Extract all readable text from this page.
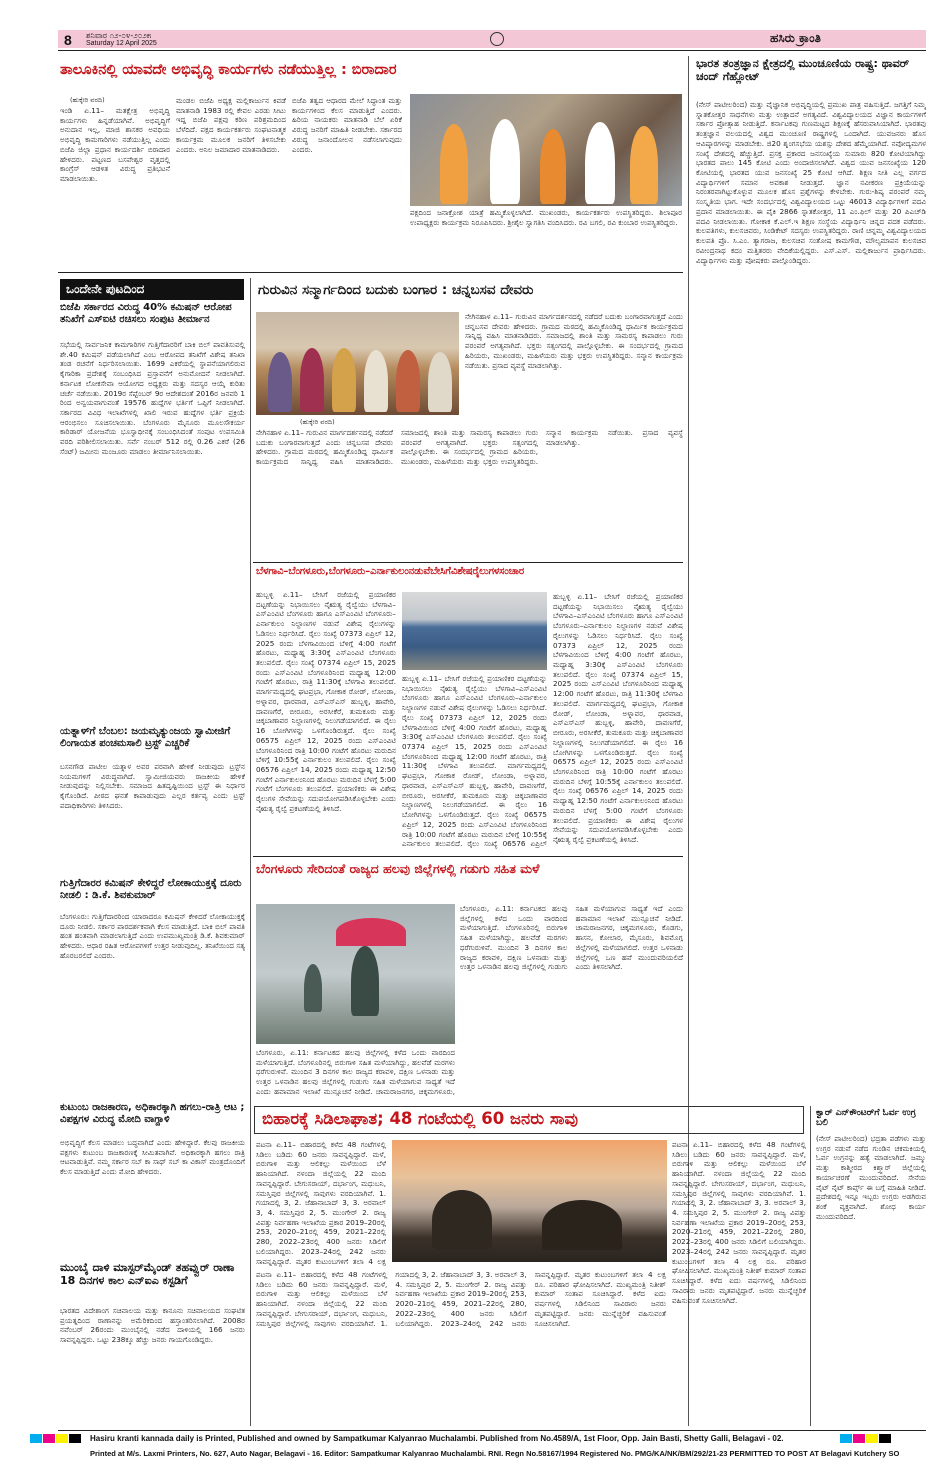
8 ಶನಿವಾರ ೧೨-೦೪-೨೦೨೫
Saturday 12 April 2025	ಹಸಿರು ಕ್ರಾಂತಿ
ತಾಲೂಕಿನಲ್ಲಿ ಯಾವದೇ ಅಭಿವೃದ್ಧಿ ಕಾರ್ಯಗಳು ನಡೆಯುತ್ತಿಲ್ಲ : ಬಿರಾದಾರ
(ಹುಕ್ಕೇರಿ ವರದಿ)
ಇಂಡಿ ಏ.11– ಮತಕ್ಷೇತ್ರ ಅಭಿವೃದ್ಧಿ ಕಾರ್ಯಗಳು ಹಿನ್ನಡೆಯಾಗಿವೆ. ಅಭಿವೃದ್ಧಿಗೆ ಅನುದಾನ ಇಲ್ಲ, ಮಾಜಿ ಶಾಸಕರ ಅವಧಿಯ ಅಭಿವೃದ್ಧಿ ಕಾಮಗಾರಿಗಳು ನಡೆಯುತ್ತಿಲ್ಲ ಎಂದು ಬಿಜೆಪಿ ಜಿಲ್ಲಾ ಪ್ರಧಾನ ಕಾರ್ಯದರ್ಶಿ ಬಿರಾದಾರ ಹೇಳಿದರು. ಪಟ್ಟಣದ ಬಸವೇಶ್ವರ ವೃತ್ತದಲ್ಲಿ ಕಾಂಗ್ರೆಸ್ ಆಡಳಿತ ವಿರುದ್ಧ ಪ್ರತಿಭಟನೆ ಮಾಡಲಾಯಿತು.
ಮಂಡಲ ಬಿಜೆಪಿ ಅಧ್ಯಕ್ಷ ಮಲ್ಲಿಕಾರ್ಜುನ ಕಿವಡೆ ಮಾತನಾಡಿ 1983 ರಲ್ಲಿ ಕೇವಲ ಎರಡು ಸೀಟು ಇದ್ದ ಬಿಜೆಪಿ ಪಕ್ಷವು ಕಠಿಣ ಪರಿಶ್ರಮದಿಂದ ಬೆಳೆದಿದೆ. ಪಕ್ಷದ ಕಾರ್ಯಕರ್ತರು ಸಂಘಟನಾತ್ಮಕ ಕಾರ್ಯಕ್ರಮ ಮೂಲಕ ಜನರಿಗೆ ತಿಳಿಸಬೇಕು ಎಂದರು. ಅನಿಲ ಜಮಾದಾರ ಮಾತನಾಡಿದರು.
ಬಿಜೆಪಿ ತತ್ವದ ಆಧಾರದ ಮೇಲೆ ಸಿದ್ಧಾಂತ ಮತ್ತು ಕಾರ್ಯಗಳಿಂದ ಕೆಲಸ ಮಾಡುತ್ತಿದೆ ಎಂದರು. ಹಿರಿಯ ನಾಯಕರು ಮಾತನಾಡಿ ಬೆಲೆ ಏರಿಕೆ ವಿರುದ್ಧ ಜನರಿಗೆ ಮಾಹಿತಿ ನೀಡಬೇಕು. ಸರ್ಕಾರದ ವಿರುದ್ಧ ಜನಾಂದೋಲನ ನಡೆಸಲಾಗುವುದು ಎಂದರು.
ಪಕ್ಷದಿಂದ ಜನಾಕ್ರೋಶ ಯಾತ್ರೆ ಹಮ್ಮಿಕೊಳ್ಳಲಾಗಿದೆ. ಮುಖಂಡರು, ಕಾರ್ಯಕರ್ತರು ಉಪಸ್ಥಿತರಿದ್ದರು. ಶಿಲಾಪೂರ ಉಪಾಧ್ಯಕ್ಷರು ಕಾರ್ಯಕ್ರಮ ನಿರೂಪಿಸಿದರು. ಶ್ರೀಶೈಲ ಸ್ವಾಗತಿಸಿ ವಂದಿಸಿದರು. ರವಿ ಬಗಲಿ, ರವಿ ಕುಂಬಾರ ಉಪಸ್ಥಿತರಿದ್ದರು.
ಭಾರತ ತಂತ್ರಜ್ಞಾನ ಕ್ಷೇತ್ರದಲ್ಲಿ ಮುಂಚೂಣಿಯ ರಾಷ್ಟ್ರ: ಥಾವರ್ ಚಂದ್ ಗೆಹ್ಲೋಟ್
(ನೇಸ್ ಪಾಟೀಲರಿಂದ) ಮತ್ತು ವೈಜ್ಞಾನಿಕ ಅಭಿವೃದ್ಧಿಯಲ್ಲಿ ಪ್ರಮುಖ ಪಾತ್ರ ವಹಿಸುತ್ತಿದೆ. ಜಗತ್ತಿಗೆ ನಿಮ್ಮ ಸ್ನಾತಕೋತ್ತರ ಸಾಧನೆಗಳು ಮತ್ತು ಉತ್ಪಾದನೆ ಅಗತ್ಯವಿದೆ. ವಿಶ್ವವಿದ್ಯಾಲಯದ ವಿಜ್ಞಾನ ಕಾರ್ಯಗಳಿಗೆ ಸರ್ಕಾರ ಪ್ರೋತ್ಸಾಹ ನೀಡುತ್ತಿದೆ. ಕರ್ನಾಟಕವು ಗುಣಮಟ್ಟದ ಶಿಕ್ಷಣಕ್ಕೆ ಹೆಸರುವಾಸಿಯಾಗಿದೆ. ಭಾರತವು ತಂತ್ರಜ್ಞಾನ ವಲಯದಲ್ಲಿ ವಿಶ್ವದ ಮುಂಚೂಣಿ ರಾಷ್ಟ್ರಗಳಲ್ಲಿ ಒಂದಾಗಿದೆ. ಯುವಜನರು ಹೊಸ ಆವಿಷ್ಕಾರಗಳನ್ನು ಮಾಡಬೇಕು. ಜಿ20 ಶೃಂಗಸಭೆಯ ಯಶಸ್ಸು ದೇಶದ ಹೆಮ್ಮೆಯಾಗಿದೆ. ನವೋದ್ಯಮಗಳ ಸಂಖ್ಯೆ ದೇಶದಲ್ಲಿ ಹೆಚ್ಚುತ್ತಿದೆ. ಪ್ರಸಕ್ತ ಪ್ರಕಾರದ ಜನಸಂಖ್ಯೆಯ ಸುಮಾರು 820 ಕೋಟಿಯಾಗಿದ್ದು ಭಾರತದ ಪಾಲು 145 ಕೋಟಿ ಎಂದು ಅಂದಾಜಿಸಲಾಗಿದೆ. ವಿಶ್ವದ ಯುವ ಜನಸಂಖ್ಯೆಯ 120 ಕೋಟಿಯಲ್ಲಿ ಭಾರತದ ಯುವ ಜನಸಂಖ್ಯೆ 25 ಕೋಟಿ ಆಗಿದೆ. ಶಿಕ್ಷಣ ನೀತಿ ಎಲ್ಲ ವರ್ಗದ ವಿದ್ಯಾರ್ಥಿಗಳಿಗೆ ಸಮಾನ ಅವಕಾಶ ನೀಡುತ್ತದೆ. ಜ್ಞಾನ ನವೀಕರಣ ಪ್ರಕ್ರಿಯೆಯನ್ನು ನಿರಂತರವಾಗಿಟ್ಟುಕೊಳ್ಳುವ ಮೂಲಕ ಹೊಸ ಪ್ರಶ್ನೆಗಳನ್ನು ಕೇಳಬೇಕು. ಗುರು-ಶಿಷ್ಯ ಪರಂಪರೆ ನಮ್ಮ ಸಂಸ್ಕೃತಿಯ ಭಾಗ. ಇದೇ ಸಂದರ್ಭದಲ್ಲಿ ವಿಶ್ವವಿದ್ಯಾಲಯದ ಒಟ್ಟು 46013 ವಿದ್ಯಾರ್ಥಿಗಳಿಗೆ ಪದವಿ ಪ್ರದಾನ ಮಾಡಲಾಯಿತು. ಈ ಪೈಕಿ 2866 ಸ್ನಾತಕೋತ್ತರ, 11 ಎಂ.ಫಿಲ್ ಮತ್ತು 20 ಪಿಎಚ್‌ಡಿ ಪದವಿ ನೀಡಲಾಯಿತು. ಗೋಕಾಕ ಕೆ.ಎಲ್.ಇ ಶಿಕ್ಷಣ ಸಂಸ್ಥೆಯ ವಿದ್ಯಾರ್ಥಿನಿ ಚಿನ್ನದ ಪದಕ ಪಡೆದರು. ಕುಲಪತಿಗಳು, ಕುಲಸಚಿವರು, ಸಿಂಡಿಕೇಟ್ ಸದಸ್ಯರು ಉಪಸ್ಥಿತರಿದ್ದರು. ರಾಣಿ ಚನ್ನಮ್ಮ ವಿಶ್ವವಿದ್ಯಾಲಯದ ಕುಲಪತಿ ಪ್ರೊ. ಸಿ.ಎಂ. ತ್ಯಾಗರಾಜ, ಕುಲಸಚಿವ ಸಂತೋಷ ಕಾಮಗೌಡ, ಮೌಲ್ಯಮಾಪನ ಕುಲಸಚಿವ ರವೀಂದ್ರನಾಥ ಕದಂ ಮತ್ತಿತರರು ವೇದಿಕೆಯಲ್ಲಿದ್ದರು. ಎಸ್.ಎಸ್. ಮಲ್ಲಿಕಾರ್ಜುನ ಪ್ರಾರ್ಥಿಸಿದರು. ವಿದ್ಯಾರ್ಥಿಗಳು ಮತ್ತು ಪೋಷಕರು ಪಾಲ್ಗೊಂಡಿದ್ದರು.
ಒಂದೇನೇ ಪುಟದಿಂದ
ಬಿಜೆಪಿ ಸರ್ಕಾರದ ವಿರುದ್ಧ 40% ಕಮಿಷನ್ ಆರೋಪ ತನಿಖೆಗೆ ಎಸ್‌ಐಟಿ ರಚಿಸಲು ಸಂಪುಟ ತೀರ್ಮಾನ
ಸಭೆಯಲ್ಲಿ ಸಾರ್ವಜನಿಕ ಕಾಮಗಾರಿಗಳ ಗುತ್ತಿಗೆದಾರರಿಗೆ ಬಾಕಿ ಬಿಲ್ ಪಾವತಿಸುವಲ್ಲಿ ಶೇ.40 ಕಮಿಷನ್ ಪಡೆಯಲಾಗಿದೆ ಎಂಬ ಆರೋಪದ ತನಿಖೆಗೆ ವಿಶೇಷ ತನಿಖಾ ತಂಡ ರಚನೆಗೆ ನಿರ್ಧರಿಸಲಾಯಿತು. 1699 ಎಕರೆಯಲ್ಲಿ ಸ್ಥಾಪನೆಯಾಗಲಿರುವ ಕೈಗಾರಿಕಾ ಪ್ರದೇಶಕ್ಕೆ ಸಂಬಂಧಿಸಿದ ಪ್ರಸ್ತಾವನೆಗೆ ಅನುಮೋದನೆ ನೀಡಲಾಗಿದೆ. ಕರ್ನಾಟಕ ಲೋಕಸೇವಾ ಆಯೋಗದ ಅಧ್ಯಕ್ಷರು ಮತ್ತು ಸದಸ್ಯರ ಆಯ್ಕೆ ಕುರಿತು ಚರ್ಚೆ ನಡೆಯಿತು. 2019ರ ಸೆಪ್ಟೆಂಬರ್ 9ರ ಆದೇಶದಂತೆ 2016ರ ಜನವರಿ 1 ರಿಂದ ಅನ್ವಯವಾಗುವಂತೆ 19576 ಹುದ್ದೆಗಳ ಭರ್ತಿಗೆ ಒಪ್ಪಿಗೆ ನೀಡಲಾಗಿದೆ. ಸರ್ಕಾರದ ವಿವಿಧ ಇಲಾಖೆಗಳಲ್ಲಿ ಖಾಲಿ ಇರುವ ಹುದ್ದೆಗಳ ಭರ್ತಿ ಪ್ರಕ್ರಿಯೆ ಆರಂಭಿಸಲು ಸೂಚಿಸಲಾಯಿತು. ಬೆಂಗಳೂರು ಮೈಸೂರು ಮೂಲಸೌಕರ್ಯ ಕಾರಿಡಾರ್ ಯೋಜನೆಯ ಭೂಸ್ವಾಧೀನಕ್ಕೆ ಸಂಬಂಧಿಸಿದಂತೆ ಸಂಪುಟ ಉಪಸಮಿತಿ ವರದಿ ಪರಿಶೀಲಿಸಲಾಯಿತು. ಸರ್ವೆ ನಂಬರ್ 512 ರಲ್ಲಿ 0.26 ಎಕರೆ (26 ಸೆಂಟ್) ಜಮೀನು ಮಂಜೂರು ಮಾಡಲು ತೀರ್ಮಾನಿಸಲಾಯಿತು.
ಯತ್ನಾಳ್‌ಗೆ ಬೆಂಬಲ: ಜಯಮೃತ್ಯುಂಜಯ ಸ್ವಾಮೀಜಿಗೆ ಲಿಂಗಾಯತ ಪಂಚಮಸಾಲಿ ಟ್ರಸ್ಟ್ ಎಚ್ಚರಿಕೆ
ಬಸನಗೌಡ ಪಾಟೀಲ ಯತ್ನಾಳ ಅವರ ಪರವಾಗಿ ಹೇಳಿಕೆ ನೀಡುವುದು ಟ್ರಸ್ಟ್‌ನ ನಿಯಮಗಳಿಗೆ ವಿರುದ್ಧವಾಗಿದೆ. ಸ್ವಾಮೀಜಿಯವರು ರಾಜಕೀಯ ಹೇಳಿಕೆ ನೀಡುವುದನ್ನು ನಿಲ್ಲಿಸಬೇಕು. ಸಮಾಜದ ಹಿತದೃಷ್ಟಿಯಿಂದ ಟ್ರಸ್ಟ್ ಈ ನಿರ್ಧಾರ ಕೈಗೊಂಡಿದೆ. ಪೀಠದ ಘನತೆ ಕಾಪಾಡುವುದು ಎಲ್ಲರ ಕರ್ತವ್ಯ ಎಂದು ಟ್ರಸ್ಟ್ ಪದಾಧಿಕಾರಿಗಳು ತಿಳಿಸಿದರು.
ಗುತ್ತಿಗೆದಾರರ ಕಮಿಷನ್ ಕೇಳಿದ್ದರೆ ಲೋಕಾಯುಕ್ತಕ್ಕೆ ದೂರು ನೀಡಲಿ : ಡಿ.ಕೆ. ಶಿವಕುಮಾರ್
ಬೆಂಗಳೂರು: ಗುತ್ತಿಗೆದಾರರಿಂದ ಯಾರಾದರೂ ಕಮಿಷನ್ ಕೇಳಿದರೆ ಲೋಕಾಯುಕ್ತಕ್ಕೆ ದೂರು ನೀಡಲಿ. ಸರ್ಕಾರ ಪಾರದರ್ಶಕವಾಗಿ ಕೆಲಸ ಮಾಡುತ್ತಿದೆ. ಬಾಕಿ ಬಿಲ್ ಪಾವತಿ ಹಂತ ಹಂತವಾಗಿ ಮಾಡಲಾಗುತ್ತಿದೆ ಎಂದು ಉಪಮುಖ್ಯಮಂತ್ರಿ ಡಿ.ಕೆ. ಶಿವಕುಮಾರ್ ಹೇಳಿದರು. ಆಧಾರ ರಹಿತ ಆರೋಪಗಳಿಗೆ ಉತ್ತರ ನೀಡುವುದಿಲ್ಲ. ತನಿಖೆಯಿಂದ ಸತ್ಯ ಹೊರಬರಲಿದೆ ಎಂದರು.
ಕುಟುಂಬ ರಾಜಕಾರಣ, ಅಧಿಕಾರಕ್ಕಾಗಿ ಹಗಲು-ರಾತ್ರಿ ಆಟ ; ವಿಪಕ್ಷಗಳ ವಿರುದ್ಧ ಮೋದಿ ವಾಗ್ದಾಳಿ
ಅಭಿವೃದ್ಧಿಗೆ ಕೆಲಸ ಮಾಡಲು ಬದ್ಧವಾಗಿದೆ ಎಂದು ಹೇಳಿದ್ದಾರೆ. ಕೆಲವು ರಾಜಕೀಯ ಪಕ್ಷಗಳು ಕುಟುಂಬ ರಾಜಕಾರಣಕ್ಕೆ ಸೀಮಿತವಾಗಿವೆ. ಅಧಿಕಾರಕ್ಕಾಗಿ ಹಗಲು ರಾತ್ರಿ ಆಟವಾಡುತ್ತಿವೆ. ನಮ್ಮ ಸರ್ಕಾರ ಸಬ್ ಕಾ ಸಾಥ್ ಸಬ್ ಕಾ ವಿಕಾಸ್ ಮಂತ್ರದೊಂದಿಗೆ ಕೆಲಸ ಮಾಡುತ್ತಿದೆ ಎಂದು ಮೋದಿ ಹೇಳಿದರು.
ಮುಂಬೈ ದಾಳಿ ಮಾಸ್ಟರ್‌ಮೈಂಡ್ ತಹವ್ವುರ್ ರಾಣಾ 18 ದಿನಗಳ ಕಾಲ ಎನ್‌ಐಎ ಕಸ್ಟಡಿಗೆ
ಭಾರತದ ವಿದೇಶಾಂಗ ಸಚಿವಾಲಯ ಮತ್ತು ಕಾನೂನು ಸಚಿವಾಲಯದ ಸಂಘಟಿತ ಪ್ರಯತ್ನದಿಂದ ರಾಣಾನನ್ನು ಅಮೆರಿಕದಿಂದ ಹಸ್ತಾಂತರಿಸಲಾಗಿದೆ. 2008ರ ನವೆಂಬರ್ 26ರಂದು ಮುಂಬೈನಲ್ಲಿ ನಡೆದ ದಾಳಿಯಲ್ಲಿ 166 ಜನರು ಸಾವನ್ನಪ್ಪಿದ್ದರು. ಒಟ್ಟು 238ಕ್ಕೂ ಹೆಚ್ಚು ಜನರು ಗಾಯಗೊಂಡಿದ್ದರು.
ಗುರುವಿನ ಸನ್ಮಾರ್ಗದಿಂದ ಬದುಕು ಬಂಗಾರ : ಚನ್ನಬಸವ ದೇವರು
(ಹುಕ್ಕೇರಿ ವರದಿ)
ನೇಗಿನಹಾಳ ಏ.11– ಗುರುವಿನ ಮಾರ್ಗದರ್ಶನದಲ್ಲಿ ನಡೆದರೆ ಬದುಕು ಬಂಗಾರವಾಗುತ್ತದೆ ಎಂದು ಚನ್ನಬಸವ ದೇವರು ಹೇಳಿದರು. ಗ್ರಾಮದ ಮಠದಲ್ಲಿ ಹಮ್ಮಿಕೊಂಡಿದ್ದ ಧಾರ್ಮಿಕ ಕಾರ್ಯಕ್ರಮದ ಸಾನ್ನಿಧ್ಯ ವಹಿಸಿ ಮಾತನಾಡಿದರು. ಸಮಾಜದಲ್ಲಿ ಶಾಂತಿ ಮತ್ತು ಸಾಮರಸ್ಯ ಕಾಪಾಡಲು ಗುರು ಪರಂಪರೆ ಅಗತ್ಯವಾಗಿದೆ. ಭಕ್ತರು ಸತ್ಸಂಗದಲ್ಲಿ ಪಾಲ್ಗೊಳ್ಳಬೇಕು. ಈ ಸಂದರ್ಭದಲ್ಲಿ ಗ್ರಾಮದ ಹಿರಿಯರು, ಮುಖಂಡರು, ಮಹಿಳೆಯರು ಮತ್ತು ಭಕ್ತರು ಉಪಸ್ಥಿತರಿದ್ದರು. ಸನ್ಮಾನ ಕಾರ್ಯಕ್ರಮ ನಡೆಯಿತು. ಪ್ರಸಾದ ವ್ಯವಸ್ಥೆ ಮಾಡಲಾಗಿತ್ತು.
ನೇಗಿನಹಾಳ ಏ.11– ಗುರುವಿನ ಮಾರ್ಗದರ್ಶನದಲ್ಲಿ ನಡೆದರೆ ಬದುಕು ಬಂಗಾರವಾಗುತ್ತದೆ ಎಂದು ಚನ್ನಬಸವ ದೇವರು ಹೇಳಿದರು. ಗ್ರಾಮದ ಮಠದಲ್ಲಿ ಹಮ್ಮಿಕೊಂಡಿದ್ದ ಧಾರ್ಮಿಕ ಕಾರ್ಯಕ್ರಮದ ಸಾನ್ನಿಧ್ಯ ವಹಿಸಿ ಮಾತನಾಡಿದರು. ಸಮಾಜದಲ್ಲಿ ಶಾಂತಿ ಮತ್ತು ಸಾಮರಸ್ಯ ಕಾಪಾಡಲು ಗುರು ಪರಂಪರೆ ಅಗತ್ಯವಾಗಿದೆ. ಭಕ್ತರು ಸತ್ಸಂಗದಲ್ಲಿ ಪಾಲ್ಗೊಳ್ಳಬೇಕು. ಈ ಸಂದರ್ಭದಲ್ಲಿ ಗ್ರಾಮದ ಹಿರಿಯರು, ಮುಖಂಡರು, ಮಹಿಳೆಯರು ಮತ್ತು ಭಕ್ತರು ಉಪಸ್ಥಿತರಿದ್ದರು. ಸನ್ಮಾನ ಕಾರ್ಯಕ್ರಮ ನಡೆಯಿತು. ಪ್ರಸಾದ ವ್ಯವಸ್ಥೆ ಮಾಡಲಾಗಿತ್ತು.
ಬೆಳಗಾವಿ–ಬೆಂಗಳೂರು,ಬೆಂಗಳೂರು–ಎರ್ನಾಕುಲಂನಡುವೆಬೇಸಿಗೆವಿಶೇಷರೈಲುಗಳಸಂಚಾರ
ಹುಬ್ಬಳ್ಳಿ ಏ.11– ಬೇಸಿಗೆ ರಜೆಯಲ್ಲಿ ಪ್ರಯಾಣಿಕರ ದಟ್ಟಣೆಯನ್ನು ನಿಭಾಯಿಸಲು ನೈಋತ್ಯ ರೈಲ್ವೆಯು ಬೆಳಗಾವಿ–ಎಸ್ಎಂವಿಟಿ ಬೆಂಗಳೂರು ಹಾಗೂ ಎಸ್ಎಂವಿಟಿ ಬೆಂಗಳೂರು–ಎರ್ನಾಕುಲಂ ನಿಲ್ದಾಣಗಳ ನಡುವೆ ವಿಶೇಷ ರೈಲುಗಳನ್ನು ಓಡಿಸಲು ನಿರ್ಧರಿಸಿದೆ. ರೈಲು ಸಂಖ್ಯೆ 07373 ಏಪ್ರಿಲ್ 12, 2025 ರಂದು ಬೆಳಗಾವಿಯಿಂದ ಬೆಳಿಗ್ಗೆ 4:00 ಗಂಟೆಗೆ ಹೊರಟು, ಮಧ್ಯಾಹ್ನ 3:30ಕ್ಕೆ ಎಸ್ಎಂವಿಟಿ ಬೆಂಗಳೂರು ತಲುಪಲಿದೆ. ರೈಲು ಸಂಖ್ಯೆ 07374 ಏಪ್ರಿಲ್ 15, 2025 ರಂದು ಎಸ್ಎಂವಿಟಿ ಬೆಂಗಳೂರಿನಿಂದ ಮಧ್ಯಾಹ್ನ 12:00 ಗಂಟೆಗೆ ಹೊರಟು, ರಾತ್ರಿ 11:30ಕ್ಕೆ ಬೆಳಗಾವಿ ತಲುಪಲಿದೆ. ಮಾರ್ಗಮಧ್ಯದಲ್ಲಿ ಘಟಪ್ರಭಾ, ಗೋಕಾಕ ರೋಡ್, ಲೋಂಡಾ, ಅಳ್ನಾವರ, ಧಾರವಾಡ, ಎಸ್ಎಸ್ಎಸ್ ಹುಬ್ಬಳ್ಳಿ, ಹಾವೇರಿ, ದಾವಣಗೆರೆ, ಬೀರೂರು, ಅರಸೀಕೆರೆ, ತುಮಕೂರು ಮತ್ತು ಚಿಕ್ಕಬಾಣಾವರ ನಿಲ್ದಾಣಗಳಲ್ಲಿ ನಿಲುಗಡೆಯಾಗಲಿದೆ. ಈ ರೈಲು 16 ಬೋಗಿಗಳನ್ನು ಒಳಗೊಂಡಿರುತ್ತದೆ. ರೈಲು ಸಂಖ್ಯೆ 06575 ಏಪ್ರಿಲ್ 12, 2025 ರಂದು ಎಸ್ಎಂವಿಟಿ ಬೆಂಗಳೂರಿನಿಂದ ರಾತ್ರಿ 10:00 ಗಂಟೆಗೆ ಹೊರಟು ಮರುದಿನ ಬೆಳಿಗ್ಗೆ 10:55ಕ್ಕೆ ಎರ್ನಾಕುಲಂ ತಲುಪಲಿದೆ. ರೈಲು ಸಂಖ್ಯೆ 06576 ಏಪ್ರಿಲ್ 14, 2025 ರಂದು ಮಧ್ಯಾಹ್ನ 12:50 ಗಂಟೆಗೆ ಎರ್ನಾಕುಲಂನಿಂದ ಹೊರಟು ಮರುದಿನ ಬೆಳಗ್ಗೆ 5:00 ಗಂಟೆಗೆ ಬೆಂಗಳೂರು ತಲುಪಲಿದೆ. ಪ್ರಯಾಣಿಕರು ಈ ವಿಶೇಷ ರೈಲುಗಳ ಸೇವೆಯನ್ನು ಸದುಪಯೋಗಪಡಿಸಿಕೊಳ್ಳಬೇಕು ಎಂದು ನೈಋತ್ಯ ರೈಲ್ವೆ ಪ್ರಕಟಣೆಯಲ್ಲಿ ತಿಳಿಸಿದೆ.
ಹುಬ್ಬಳ್ಳಿ ಏ.11– ಬೇಸಿಗೆ ರಜೆಯಲ್ಲಿ ಪ್ರಯಾಣಿಕರ ದಟ್ಟಣೆಯನ್ನು ನಿಭಾಯಿಸಲು ನೈಋತ್ಯ ರೈಲ್ವೆಯು ಬೆಳಗಾವಿ–ಎಸ್ಎಂವಿಟಿ ಬೆಂಗಳೂರು ಹಾಗೂ ಎಸ್ಎಂವಿಟಿ ಬೆಂಗಳೂರು–ಎರ್ನಾಕುಲಂ ನಿಲ್ದಾಣಗಳ ನಡುವೆ ವಿಶೇಷ ರೈಲುಗಳನ್ನು ಓಡಿಸಲು ನಿರ್ಧರಿಸಿದೆ. ರೈಲು ಸಂಖ್ಯೆ 07373 ಏಪ್ರಿಲ್ 12, 2025 ರಂದು ಬೆಳಗಾವಿಯಿಂದ ಬೆಳಿಗ್ಗೆ 4:00 ಗಂಟೆಗೆ ಹೊರಟು, ಮಧ್ಯಾಹ್ನ 3:30ಕ್ಕೆ ಎಸ್ಎಂವಿಟಿ ಬೆಂಗಳೂರು ತಲುಪಲಿದೆ. ರೈಲು ಸಂಖ್ಯೆ 07374 ಏಪ್ರಿಲ್ 15, 2025 ರಂದು ಎಸ್ಎಂವಿಟಿ ಬೆಂಗಳೂರಿನಿಂದ ಮಧ್ಯಾಹ್ನ 12:00 ಗಂಟೆಗೆ ಹೊರಟು, ರಾತ್ರಿ 11:30ಕ್ಕೆ ಬೆಳಗಾವಿ ತಲುಪಲಿದೆ. ಮಾರ್ಗಮಧ್ಯದಲ್ಲಿ ಘಟಪ್ರಭಾ, ಗೋಕಾಕ ರೋಡ್, ಲೋಂಡಾ, ಅಳ್ನಾವರ, ಧಾರವಾಡ, ಎಸ್ಎಸ್ಎಸ್ ಹುಬ್ಬಳ್ಳಿ, ಹಾವೇರಿ, ದಾವಣಗೆರೆ, ಬೀರೂರು, ಅರಸೀಕೆರೆ, ತುಮಕೂರು ಮತ್ತು ಚಿಕ್ಕಬಾಣಾವರ ನಿಲ್ದಾಣಗಳಲ್ಲಿ ನಿಲುಗಡೆಯಾಗಲಿದೆ. ಈ ರೈಲು 16 ಬೋಗಿಗಳನ್ನು ಒಳಗೊಂಡಿರುತ್ತದೆ. ರೈಲು ಸಂಖ್ಯೆ 06575 ಏಪ್ರಿಲ್ 12, 2025 ರಂದು ಎಸ್ಎಂವಿಟಿ ಬೆಂಗಳೂರಿನಿಂದ ರಾತ್ರಿ 10:00 ಗಂಟೆಗೆ ಹೊರಟು ಮರುದಿನ ಬೆಳಿಗ್ಗೆ 10:55ಕ್ಕೆ ಎರ್ನಾಕುಲಂ ತಲುಪಲಿದೆ. ರೈಲು ಸಂಖ್ಯೆ 06576 ಏಪ್ರಿಲ್ 14, 2025 ರಂದು ಮಧ್ಯಾಹ್ನ 12:50 ಗಂಟೆಗೆ ಎರ್ನಾಕುಲಂನಿಂದ ಹೊರಟು ಮರುದಿನ ಬೆಳಗ್ಗೆ 5:00 ಗಂಟೆಗೆ ಬೆಂಗಳೂರು ತಲುಪಲಿದೆ. ಪ್ರಯಾಣಿಕರು ಈ ವಿಶೇಷ ರೈಲುಗಳ ಸೇವೆಯನ್ನು ಸದುಪಯೋಗಪಡಿಸಿಕೊಳ್ಳಬೇಕು ಎಂದು ನೈಋತ್ಯ ರೈಲ್ವೆ ಪ್ರಕಟಣೆಯಲ್ಲಿ ತಿಳಿಸಿದೆ.
ಹುಬ್ಬಳ್ಳಿ ಏ.11– ಬೇಸಿಗೆ ರಜೆಯಲ್ಲಿ ಪ್ರಯಾಣಿಕರ ದಟ್ಟಣೆಯನ್ನು ನಿಭಾಯಿಸಲು ನೈಋತ್ಯ ರೈಲ್ವೆಯು ಬೆಳಗಾವಿ–ಎಸ್ಎಂವಿಟಿ ಬೆಂಗಳೂರು ಹಾಗೂ ಎಸ್ಎಂವಿಟಿ ಬೆಂಗಳೂರು–ಎರ್ನಾಕುಲಂ ನಿಲ್ದಾಣಗಳ ನಡುವೆ ವಿಶೇಷ ರೈಲುಗಳನ್ನು ಓಡಿಸಲು ನಿರ್ಧರಿಸಿದೆ. ರೈಲು ಸಂಖ್ಯೆ 07373 ಏಪ್ರಿಲ್ 12, 2025 ರಂದು ಬೆಳಗಾವಿಯಿಂದ ಬೆಳಿಗ್ಗೆ 4:00 ಗಂಟೆಗೆ ಹೊರಟು, ಮಧ್ಯಾಹ್ನ 3:30ಕ್ಕೆ ಎಸ್ಎಂವಿಟಿ ಬೆಂಗಳೂರು ತಲುಪಲಿದೆ. ರೈಲು ಸಂಖ್ಯೆ 07374 ಏಪ್ರಿಲ್ 15, 2025 ರಂದು ಎಸ್ಎಂವಿಟಿ ಬೆಂಗಳೂರಿನಿಂದ ಮಧ್ಯಾಹ್ನ 12:00 ಗಂಟೆಗೆ ಹೊರಟು, ರಾತ್ರಿ 11:30ಕ್ಕೆ ಬೆಳಗಾವಿ ತಲುಪಲಿದೆ. ಮಾರ್ಗಮಧ್ಯದಲ್ಲಿ ಘಟಪ್ರಭಾ, ಗೋಕಾಕ ರೋಡ್, ಲೋಂಡಾ, ಅಳ್ನಾವರ, ಧಾರವಾಡ, ಎಸ್ಎಸ್ಎಸ್ ಹುಬ್ಬಳ್ಳಿ, ಹಾವೇರಿ, ದಾವಣಗೆರೆ, ಬೀರೂರು, ಅರಸೀಕೆರೆ, ತುಮಕೂರು ಮತ್ತು ಚಿಕ್ಕಬಾಣಾವರ ನಿಲ್ದಾಣಗಳಲ್ಲಿ ನಿಲುಗಡೆಯಾಗಲಿದೆ. ಈ ರೈಲು 16 ಬೋಗಿಗಳನ್ನು ಒಳಗೊಂಡಿರುತ್ತದೆ. ರೈಲು ಸಂಖ್ಯೆ 06575 ಏಪ್ರಿಲ್ 12, 2025 ರಂದು ಎಸ್ಎಂವಿಟಿ ಬೆಂಗಳೂರಿನಿಂದ ರಾತ್ರಿ 10:00 ಗಂಟೆಗೆ ಹೊರಟು ಮರುದಿನ ಬೆಳಿಗ್ಗೆ 10:55ಕ್ಕೆ ಎರ್ನಾಕುಲಂ ತಲುಪಲಿದೆ. ರೈಲು ಸಂಖ್ಯೆ 06576 ಏಪ್ರಿಲ್
ಬೆಂಗಳೂರು ಸೇರಿದಂತೆ ರಾಜ್ಯದ ಹಲವು ಜಿಲ್ಲೆಗಳಲ್ಲಿ ಗಡುಗು ಸಹಿತ ಮಳೆ
ಬೆಂಗಳೂರು, ಏ.11: ಕರ್ನಾಟಕದ ಹಲವು ಜಿಲ್ಲೆಗಳಲ್ಲಿ ಕಳೆದ ಒಂದು ವಾರದಿಂದ ಮಳೆಯಾಗುತ್ತಿದೆ. ಬೆಂಗಳೂರಿನಲ್ಲಿ ಬಿರುಗಾಳಿ ಸಹಿತ ಮಳೆಯಾಗಿದ್ದು, ಹಲವೆಡೆ ಮರಗಳು ಧರೆಗುರುಳಿವೆ. ಮುಂದಿನ 3 ದಿನಗಳ ಕಾಲ ರಾಜ್ಯದ ಕರಾವಳಿ, ದಕ್ಷಿಣ ಒಳನಾಡು ಮತ್ತು ಉತ್ತರ ಒಳನಾಡಿನ ಹಲವು ಜಿಲ್ಲೆಗಳಲ್ಲಿ ಗುಡುಗು ಸಹಿತ ಮಳೆಯಾಗುವ ಸಾಧ್ಯತೆ ಇದೆ ಎಂದು ಹವಾಮಾನ ಇಲಾಖೆ ಮುನ್ಸೂಚನೆ ನೀಡಿದೆ. ಚಾಮರಾಜನಗರ, ಚಿಕ್ಕಮಗಳೂರು, ಕೊಡಗು, ಹಾಸನ, ಕೋಲಾರ, ಮೈಸೂರು, ಶಿವಮೊಗ್ಗ ಜಿಲ್ಲೆಗಳಲ್ಲಿ ಮಳೆಯಾಗಲಿದೆ. ಉತ್ತರ ಒಳನಾಡು ಜಿಲ್ಲೆಗಳಲ್ಲಿ ಒಣ ಹವೆ ಮುಂದುವರಿಯಲಿದೆ ಎಂದು ತಿಳಿಸಲಾಗಿದೆ.
ಬೆಂಗಳೂರು, ಏ.11: ಕರ್ನಾಟಕದ ಹಲವು ಜಿಲ್ಲೆಗಳಲ್ಲಿ ಕಳೆದ ಒಂದು ವಾರದಿಂದ ಮಳೆಯಾಗುತ್ತಿದೆ. ಬೆಂಗಳೂರಿನಲ್ಲಿ ಬಿರುಗಾಳಿ ಸಹಿತ ಮಳೆಯಾಗಿದ್ದು, ಹಲವೆಡೆ ಮರಗಳು ಧರೆಗುರುಳಿವೆ. ಮುಂದಿನ 3 ದಿನಗಳ ಕಾಲ ರಾಜ್ಯದ ಕರಾವಳಿ, ದಕ್ಷಿಣ ಒಳನಾಡು ಮತ್ತು ಉತ್ತರ ಒಳನಾಡಿನ ಹಲವು ಜಿಲ್ಲೆಗಳಲ್ಲಿ ಗುಡುಗು ಸಹಿತ ಮಳೆಯಾಗುವ ಸಾಧ್ಯತೆ ಇದೆ ಎಂದು ಹವಾಮಾನ ಇಲಾಖೆ ಮುನ್ಸೂಚನೆ ನೀಡಿದೆ. ಚಾಮರಾಜನಗರ, ಚಿಕ್ಕಮಗಳೂರು,
ಬಿಹಾರಕ್ಕೆ ಸಿಡಿಲಾಘಾತ; 48 ಗಂಟೆಯಲ್ಲಿ 60 ಜನರು ಸಾವು
ಪಟನಾ ಏ.11– ಬಿಹಾರದಲ್ಲಿ ಕಳೆದ 48 ಗಂಟೆಗಳಲ್ಲಿ ಸಿಡಿಲು ಬಡಿದು 60 ಜನರು ಸಾವನ್ನಪ್ಪಿದ್ದಾರೆ. ಮಳೆ, ಬಿರುಗಾಳಿ ಮತ್ತು ಆಲಿಕಲ್ಲು ಮಳೆಯಿಂದ ಬೆಳೆ ಹಾನಿಯಾಗಿದೆ. ನಳಂದಾ ಜಿಲ್ಲೆಯಲ್ಲಿ 22 ಮಂದಿ ಸಾವನ್ನಪ್ಪಿದ್ದಾರೆ. ಬೇಗುಸರಾಯ್, ದರ್ಭಾಂಗ, ಮಧುಬನಿ, ಸಮಸ್ತಿಪುರ ಜಿಲ್ಲೆಗಳಲ್ಲಿ ಸಾವುಗಳು ವರದಿಯಾಗಿವೆ. 1. ಗಯಾದಲ್ಲಿ 3, 2. ಜೆಹಾನಾಬಾದ್ 3, 3. ಅರವಾಲ್ 3, 4. ಸಮಸ್ತಿಪುರ 2, 5. ಮುಂಗೇರ್ 2. ರಾಜ್ಯ ವಿಪತ್ತು ನಿರ್ವಹಣಾ ಇಲಾಖೆಯ ಪ್ರಕಾರ 2019–20ರಲ್ಲಿ 253, 2020–21ರಲ್ಲಿ 459, 2021–22ರಲ್ಲಿ 280, 2022–23ರಲ್ಲಿ 400 ಜನರು ಸಿಡಿಲಿಗೆ ಬಲಿಯಾಗಿದ್ದರು. 2023–24ರಲ್ಲಿ 242 ಜನರು ಸಾವನ್ನಪ್ಪಿದ್ದಾರೆ. ಮೃತರ ಕುಟುಂಬಗಳಿಗೆ ತಲಾ 4 ಲಕ್ಷ
ಪಟನಾ ಏ.11– ಬಿಹಾರದಲ್ಲಿ ಕಳೆದ 48 ಗಂಟೆಗಳಲ್ಲಿ ಸಿಡಿಲು ಬಡಿದು 60 ಜನರು ಸಾವನ್ನಪ್ಪಿದ್ದಾರೆ. ಮಳೆ, ಬಿರುಗಾಳಿ ಮತ್ತು ಆಲಿಕಲ್ಲು ಮಳೆಯಿಂದ ಬೆಳೆ ಹಾನಿಯಾಗಿದೆ. ನಳಂದಾ ಜಿಲ್ಲೆಯಲ್ಲಿ 22 ಮಂದಿ ಸಾವನ್ನಪ್ಪಿದ್ದಾರೆ. ಬೇಗುಸರಾಯ್, ದರ್ಭಾಂಗ, ಮಧುಬನಿ, ಸಮಸ್ತಿಪುರ ಜಿಲ್ಲೆಗಳಲ್ಲಿ ಸಾವುಗಳು ವರದಿಯಾಗಿವೆ. 1. ಗಯಾದಲ್ಲಿ 3, 2. ಜೆಹಾನಾಬಾದ್ 3, 3. ಅರವಾಲ್ 3, 4. ಸಮಸ್ತಿಪುರ 2, 5. ಮುಂಗೇರ್ 2. ರಾಜ್ಯ ವಿಪತ್ತು ನಿರ್ವಹಣಾ ಇಲಾಖೆಯ ಪ್ರಕಾರ 2019–20ರಲ್ಲಿ 253, 2020–21ರಲ್ಲಿ 459, 2021–22ರಲ್ಲಿ 280, 2022–23ರಲ್ಲಿ 400 ಜನರು ಸಿಡಿಲಿಗೆ ಬಲಿಯಾಗಿದ್ದರು. 2023–24ರಲ್ಲಿ 242 ಜನರು ಸಾವನ್ನಪ್ಪಿದ್ದಾರೆ. ಮೃತರ ಕುಟುಂಬಗಳಿಗೆ ತಲಾ 4 ಲಕ್ಷ ರೂ. ಪರಿಹಾರ ಘೋಷಿಸಲಾಗಿದೆ. ಮುಖ್ಯಮಂತ್ರಿ ನಿತೀಶ್ ಕುಮಾರ್ ಸಂತಾಪ ಸೂಚಿಸಿದ್ದಾರೆ. ಕಳೆದ ಐದು ವರ್ಷಗಳಲ್ಲಿ ಸಿಡಿಲಿನಿಂದ ಸಾವಿರಾರು ಜನರು ಮೃತಪಟ್ಟಿದ್ದಾರೆ. ಜನರು ಮುನ್ನೆಚ್ಚರಿಕೆ ವಹಿಸುವಂತೆ ಸೂಚಿಸಲಾಗಿದೆ.
ಪಟನಾ ಏ.11– ಬಿಹಾರದಲ್ಲಿ ಕಳೆದ 48 ಗಂಟೆಗಳಲ್ಲಿ ಸಿಡಿಲು ಬಡಿದು 60 ಜನರು ಸಾವನ್ನಪ್ಪಿದ್ದಾರೆ. ಮಳೆ, ಬಿರುಗಾಳಿ ಮತ್ತು ಆಲಿಕಲ್ಲು ಮಳೆಯಿಂದ ಬೆಳೆ ಹಾನಿಯಾಗಿದೆ. ನಳಂದಾ ಜಿಲ್ಲೆಯಲ್ಲಿ 22 ಮಂದಿ ಸಾವನ್ನಪ್ಪಿದ್ದಾರೆ. ಬೇಗುಸರಾಯ್, ದರ್ಭಾಂಗ, ಮಧುಬನಿ, ಸಮಸ್ತಿಪುರ ಜಿಲ್ಲೆಗಳಲ್ಲಿ ಸಾವುಗಳು ವರದಿಯಾಗಿವೆ. 1. ಗಯಾದಲ್ಲಿ 3, 2. ಜೆಹಾನಾಬಾದ್ 3, 3. ಅರವಾಲ್ 3, 4. ಸಮಸ್ತಿಪುರ 2, 5. ಮುಂಗೇರ್ 2. ರಾಜ್ಯ ವಿಪತ್ತು ನಿರ್ವಹಣಾ ಇಲಾಖೆಯ ಪ್ರಕಾರ 2019–20ರಲ್ಲಿ 253, 2020–21ರಲ್ಲಿ 459, 2021–22ರಲ್ಲಿ 280, 2022–23ರಲ್ಲಿ 400 ಜನರು ಸಿಡಿಲಿಗೆ ಬಲಿಯಾಗಿದ್ದರು. 2023–24ರಲ್ಲಿ 242 ಜನರು ಸಾವನ್ನಪ್ಪಿದ್ದಾರೆ. ಮೃತರ ಕುಟುಂಬಗಳಿಗೆ ತಲಾ 4 ಲಕ್ಷ ರೂ. ಪರಿಹಾರ ಘೋಷಿಸಲಾಗಿದೆ. ಮುಖ್ಯಮಂತ್ರಿ ನಿತೀಶ್ ಕುಮಾರ್ ಸಂತಾಪ ಸೂಚಿಸಿದ್ದಾರೆ. ಕಳೆದ ಐದು ವರ್ಷಗಳಲ್ಲಿ ಸಿಡಿಲಿನಿಂದ ಸಾವಿರಾರು ಜನರು ಮೃತಪಟ್ಟಿದ್ದಾರೆ. ಜನರು ಮುನ್ನೆಚ್ಚರಿಕೆ ವಹಿಸುವಂತೆ ಸೂಚಿಸಲಾಗಿದೆ.
ಕ್ವಾರ್ ಎನ್‌ಕೌಂಟರ್‌ಗೆ ಓರ್ವ ಉಗ್ರ ಬಲಿ
(ನೇಸ್ ಪಾಟೀಲರಿಂದ) ಭದ್ರತಾ ಪಡೆಗಳು ಮತ್ತು ಉಗ್ರರ ನಡುವೆ ನಡೆದ ಗುಂಡಿನ ಚಕಮಕಿಯಲ್ಲಿ ಓರ್ವ ಉಗ್ರನನ್ನು ಹತ್ಯೆ ಮಾಡಲಾಗಿದೆ. ಜಮ್ಮು ಮತ್ತು ಕಾಶ್ಮೀರದ ಕಿಶ್ತ್ವಾರ್ ಜಿಲ್ಲೆಯಲ್ಲಿ ಕಾರ್ಯಾಚರಣೆ ಮುಂದುವರಿದಿದೆ. ಸೇನೆಯ ವೈಟ್ ನೈಟ್ ಕಾರ್ಪ್ಸ್ ಈ ಬಗ್ಗೆ ಮಾಹಿತಿ ನೀಡಿದೆ. ಪ್ರದೇಶದಲ್ಲಿ ಇನ್ನೂ ಇಬ್ಬರು ಉಗ್ರರು ಅಡಗಿರುವ ಶಂಕೆ ವ್ಯಕ್ತವಾಗಿದೆ. ಶೋಧ ಕಾರ್ಯ ಮುಂದುವರಿದಿದೆ.
Hasiru kranti kannada daily is Printed, Published and owned by Sampatkumar Kalyanrao Muchalambi. Published from No.4589/A, 1st Floor, Opp. Jain Basti, Shetty Galli, Belagavi - 02.
Printed at M/s. Laxmi Printers, No. 627, Auto Nagar, Belagavi - 16. Editor: Sampatkumar Kalyanrao Muchalambi. RNI. Regn No.58167/1994 Registered No. PMG/KA/NK/BM/292/21-23 PERMITTED TO POST AT Belagavi Kutchery SO
